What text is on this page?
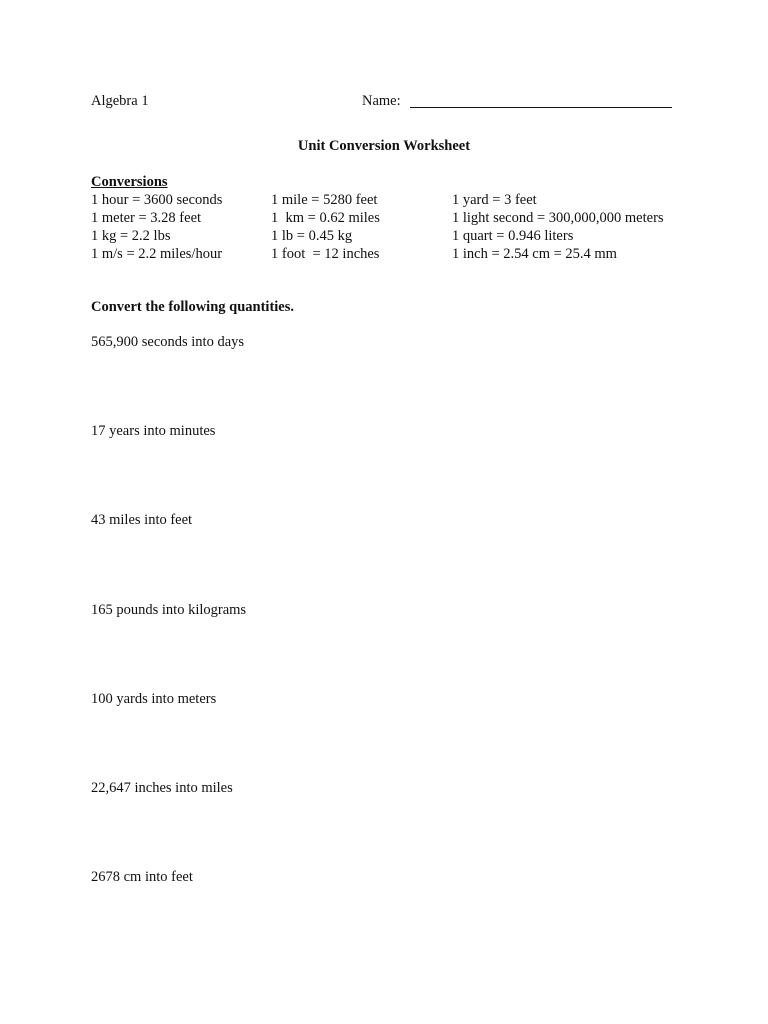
Algebra 1	Name:
Unit Conversion Worksheet
Conversions
1 hour = 3600 seconds
1 meter = 3.28 feet
1 kg = 2.2 lbs
1 m/s = 2.2 miles/hour
1 mile = 5280 feet
1  km = 0.62 miles
1 lb = 0.45 kg
1 foot  = 12 inches
1 yard = 3 feet
1 light second = 300,000,000 meters
1 quart = 0.946 liters
1 inch = 2.54 cm = 25.4 mm
Convert the following quantities.
565,900 seconds into days
17 years into minutes
43 miles into feet
165 pounds into kilograms
100 yards into meters
22,647 inches into miles
2678 cm into feet
